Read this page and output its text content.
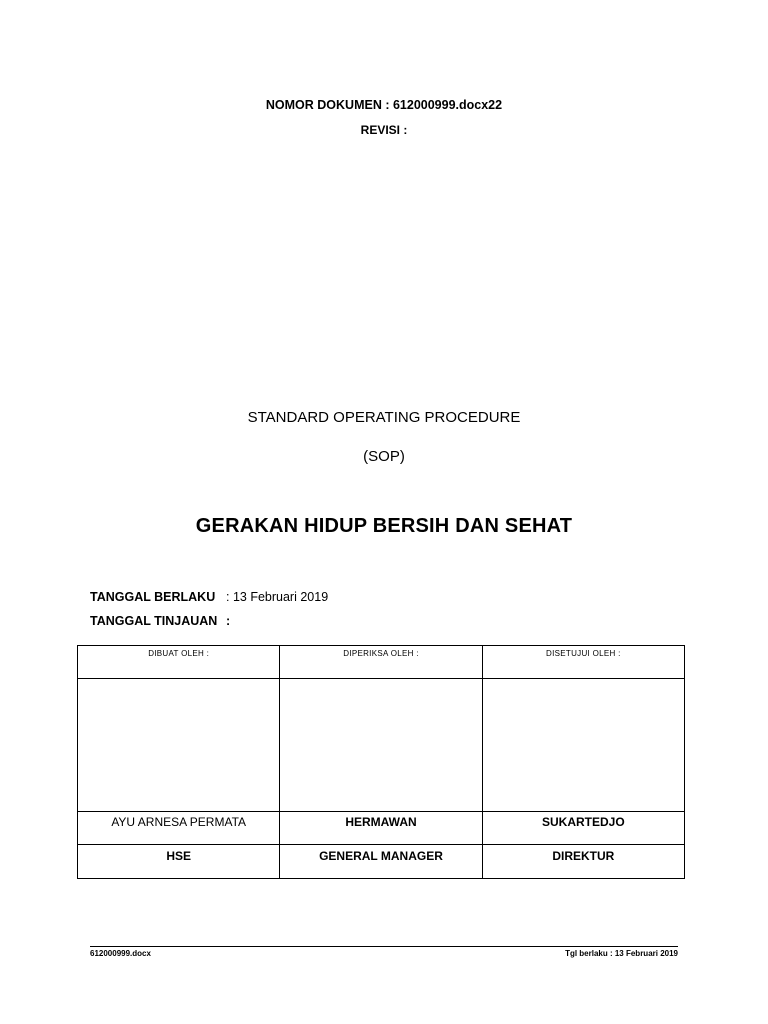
NOMOR DOKUMEN : 612000999.docx22
REVISI :
STANDARD OPERATING PROCEDURE
(SOP)
GERAKAN HIDUP BERSIH DAN SEHAT
TANGGAL BERLAKU : 13 Februari 2019
TANGGAL TINJAUAN :
DIBUAT OLEH :	DIPERIKSA OLEH :	DISETUJUI OLEH :

AYU ARNESA PERMATA	HERMAWAN	SUKARTEDJO
HSE	GENERAL MANAGER	DIREKTUR
612000999.docx	Tgl berlaku : 13 Februari 2019
